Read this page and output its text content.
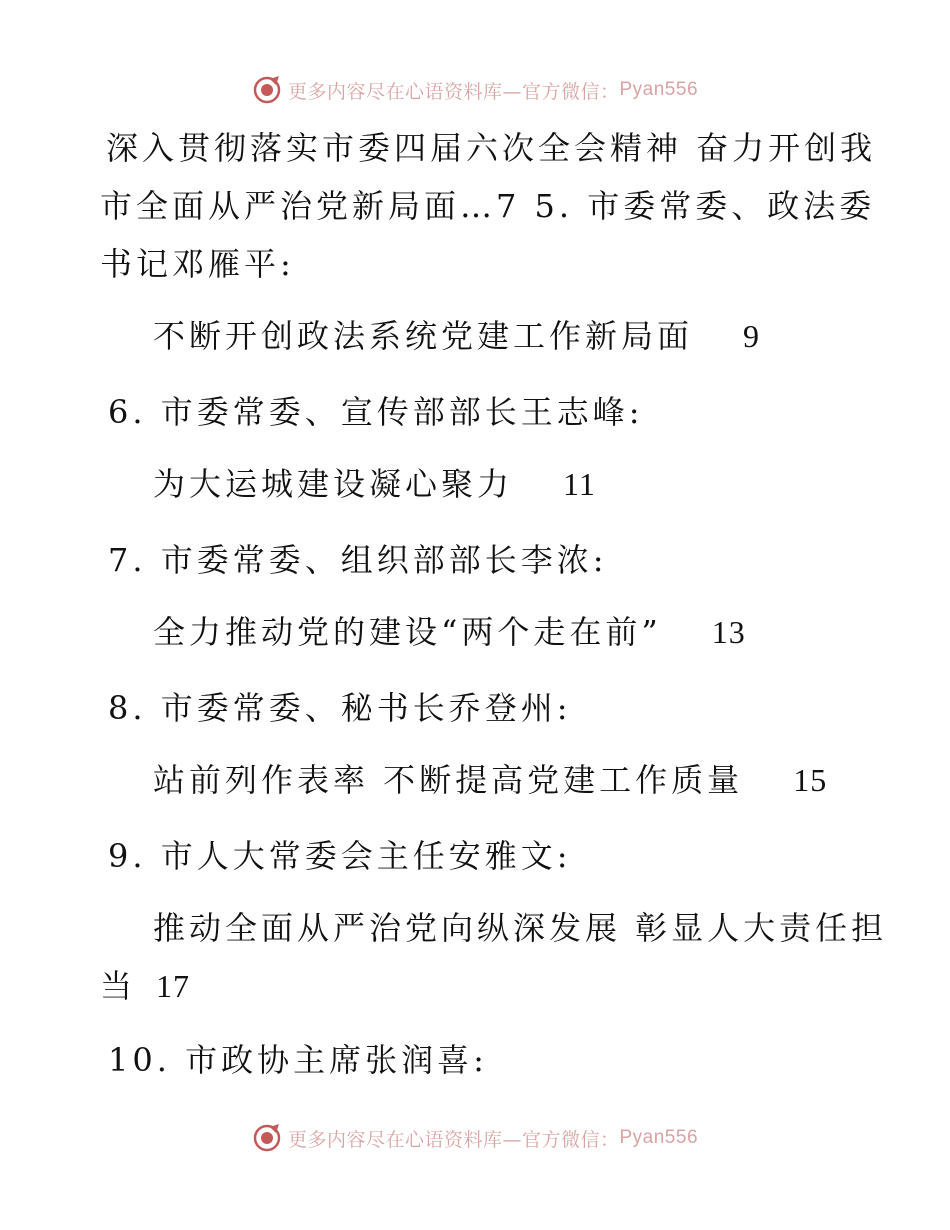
更多内容尽在心语资料库—官方微信： Pyan556
深入贯彻落实市委四届六次全会精神 奋力开创我
市全面从严治党新局面…7 5. 市委常委、政法委
书记邓雁平:
不断开创政法系统党建工作新局面 9
6. 市委常委、宣传部部长王志峰:
为大运城建设凝心聚力 11
7. 市委常委、组织部部长李浓:
全力推动党的建设“两个走在前” 13
8. 市委常委、秘书长乔登州:
站前列作表率 不断提高党建工作质量 15
9. 市人大常委会主任安雅文:
推动全面从严治党向纵深发展 彰显人大责任担
当 17
10. 市政协主席张润喜:
更多内容尽在心语资料库—官方微信： Pyan556
